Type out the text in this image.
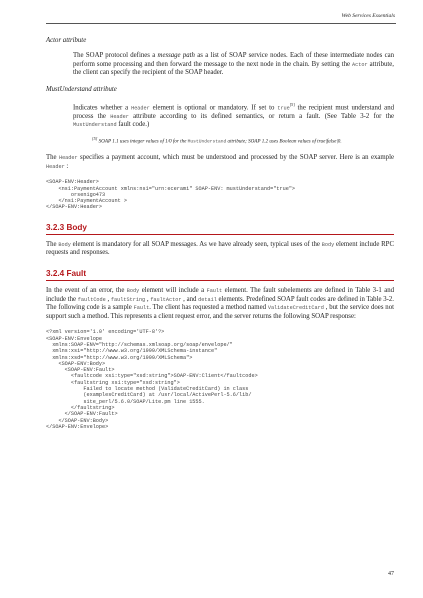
Web Services Essentials

Actor attribute

The SOAP protocol defines a message path as a list of SOAP service nodes. Each of these intermediate nodes can perform some processing and then forward the message to the next node in the chain. By setting the Actor attribute, the client can specify the recipient of the SOAP header.

MustUnderstand attribute

Indicates whether a Header element is optional or mandatory. If set to true[5] the recipient must understand and process the Header attribute according to its defined semantics, or return a fault. (See Table 3-2 for the MustUnderstand fault code.)

[5] SOAP 1.1 uses integer values of 1/0 for the MustUnderstand attribute; SOAP 1.2 uses Boolean values of true|false|0.

The Header specifies a payment account, which must be understood and processed by the SOAP server. Here is an example Header :

<SOAP-ENV:Header>
<ns1:PaymentAccount xmlns:ns1="urn:ecerami" SOAP-ENV: mustUnderstand="true">
orsenigo473
</ns1:PaymentAccount >
</SOAP-ENV:Header>

3.2.3 Body

The Body element is mandatory for all SOAP messages. As we have already seen, typical uses of the Body element include RPC requests and responses.

3.2.4 Fault

In the event of an error, the Body element will include a Fault element. The fault subelements are defined in Table 3-1 and include the faultCode , faultString , faultActor , and detail elements. Predefined SOAP fault codes are defined in Table 3-2. The following code is a sample Fault. The client has requested a method named ValidateCreditCard , but the service does not support such a method. This represents a client request error, and the server returns the following SOAP response:

<?xml version='1.0' encoding='UTF-8'?>
<SOAP-ENV:Envelope
xmlns:SOAP-ENV="http://schemas.xmlsoap.org/soap/envelope/"
xmlns:xsi="http://www.w3.org/1999/XMLSchema-instance"
xmlns:xsd="http://www.w3.org/1999/XMLSchema">
<SOAP-ENV:Body>
<SOAP-ENV:Fault>
<faultcode xsi:type="xsd:string">SOAP-ENV:Client</faultcode>
<faultstring xsi:type="xsd:string">
Failed to locate method (ValidateCreditCard) in class
(examplesCreditCard) at /usr/local/ActivePerl-5.6/lib/
site_perl/5.6.0/SOAP/Lite.pm line 1555.
</faultstring>
</SOAP-ENV:Fault>
</SOAP-ENV:Body>
</SOAP-ENV:Envelope>
47
